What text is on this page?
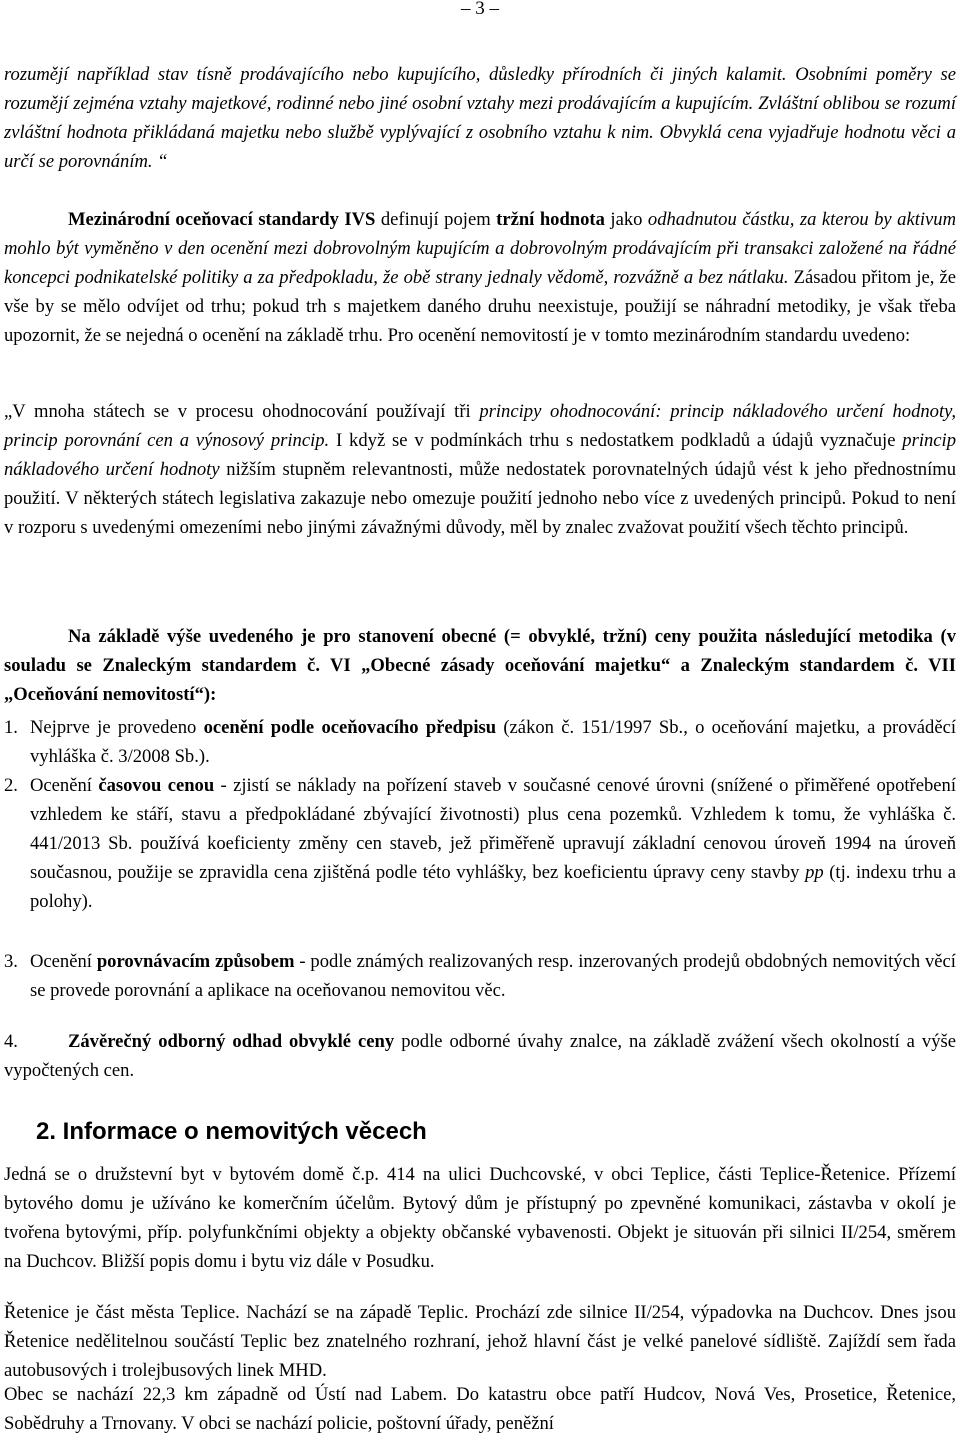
– 3 –
rozumějí například stav tísně prodávajícího nebo kupujícího, důsledky přírodních či jiných kalamit. Osobními poměry se rozumějí zejména vztahy majetkové, rodinné nebo jiné osobní vztahy mezi prodávajícím a kupujícím. Zvláštní oblibou se rozumí zvláštní hodnota přikládaná majetku nebo službě vyplývající z osobního vztahu k nim. Obvyklá cena vyjadřuje hodnotu věci a určí se porovnáním. “
Mezinárodní oceňovací standardy IVS definují pojem tržní hodnota jako odhadnutou částku, za kterou by aktivum mohlo být vyměněno v den ocenění mezi dobrovolným kupujícím a dobrovolným prodávajícím při transakci založené na řádné koncepci podnikatelské politiky a za předpokladu, že obě strany jednaly vědomě, rozvážně a bez nátlaku. Zásadou přitom je, že vše by se mělo odvíjet od trhu; pokud trh s majetkem daného druhu neexistuje, použijí se náhradní metodiky, je však třeba upozornit, že se nejedná o ocenění na základě trhu. Pro ocenění nemovitostí je v tomto mezinárodním standardu uvedeno:
„V mnoha státech se v procesu ohodnocování používají tři principy ohodnocování: princip nákladového určení hodnoty, princip porovnání cen a výnosový princip. I když se v podmínkách trhu s nedostatkem podkladů a údajů vyznačuje princip nákladového určení hodnoty nižším stupněm relevantnosti, může nedostatek porovnatelných údajů vést k jeho přednostnímu použití. V některých státech legislativa zakazuje nebo omezuje použití jednoho nebo více z uvedených principů. Pokud to není v rozporu s uvedenými omezeními nebo jinými závažnými důvody, měl by znalec zvažovat použití všech těchto principů.
Na základě výše uvedeného je pro stanovení obecné (= obvyklé, tržní) ceny použita následující metodika (v souladu se Znaleckým standardem č. VI „Obecné zásady oceňování majetku“ a Znaleckým standardem č. VII „Oceňování nemovitostí“):
1. Nejprve je provedeno ocenění podle oceňovacího předpisu (zákon č. 151/1997 Sb., o oceňování majetku, a prováděcí vyhláška č. 3/2008 Sb.).
2. Ocenění časovou cenou - zjistí se náklady na pořízení staveb v současné cenové úrovni (snížené o přiměřené opotřebení vzhledem ke stáří, stavu a předpokládané zbývající životnosti) plus cena pozemků. Vzhledem k tomu, že vyhláška č. 441/2013 Sb. používá koeficienty změny cen staveb, jež přiměřeně upravují základní cenovou úroveň 1994 na úroveň současnou, použije se zpravidla cena zjištěná podle této vyhlášky, bez koeficientu úpravy ceny stavby pp (tj. indexu trhu a polohy).
3. Ocenění porovnávacím způsobem - podle známých realizovaných resp. inzerovaných prodejů obdobných nemovitých věcí se provede porovnání a aplikace na oceňovanou nemovitou věc.
4.	Závěrečný odborný odhad obvyklé ceny podle odborné úvahy znalce, na základě zvážení všech okolností a výše vypočtených cen.
2. Informace o nemovitých věcech
Jedná se o družstevní byt v bytovém domě č.p. 414 na ulici Duchcovské, v obci Teplice, části Teplice-Řetenice. Přízemí bytového domu je užíváno ke komerčním účelům. Bytový dům je přístupný po zpevněné komunikaci, zástavba v okolí je tvořena bytovými, příp. polyfunkčními objekty a objekty občanské vybavenosti. Objekt je situován při silnici II/254, směrem na Duchcov. Bližší popis domu i bytu viz dále v Posudku.
Řetenice je část města Teplice. Nachází se na západě Teplic. Prochází zde silnice II/254, výpadovka na Duchcov. Dnes jsou Řetenice nedělitelnou součástí Teplic bez znatelného rozhraní, jehož hlavní část je velké panelové sídliště. Zajíždí sem řada autobusových i trolejbusových linek MHD.
Obec se nachází 22,3 km západně od Ústí nad Labem. Do katastru obce patří Hudcov, Nová Ves, Prosetice, Řetenice, Sobědruhy a Trnovany. V obci se nachází policie, poštovní úřady, peněžní
